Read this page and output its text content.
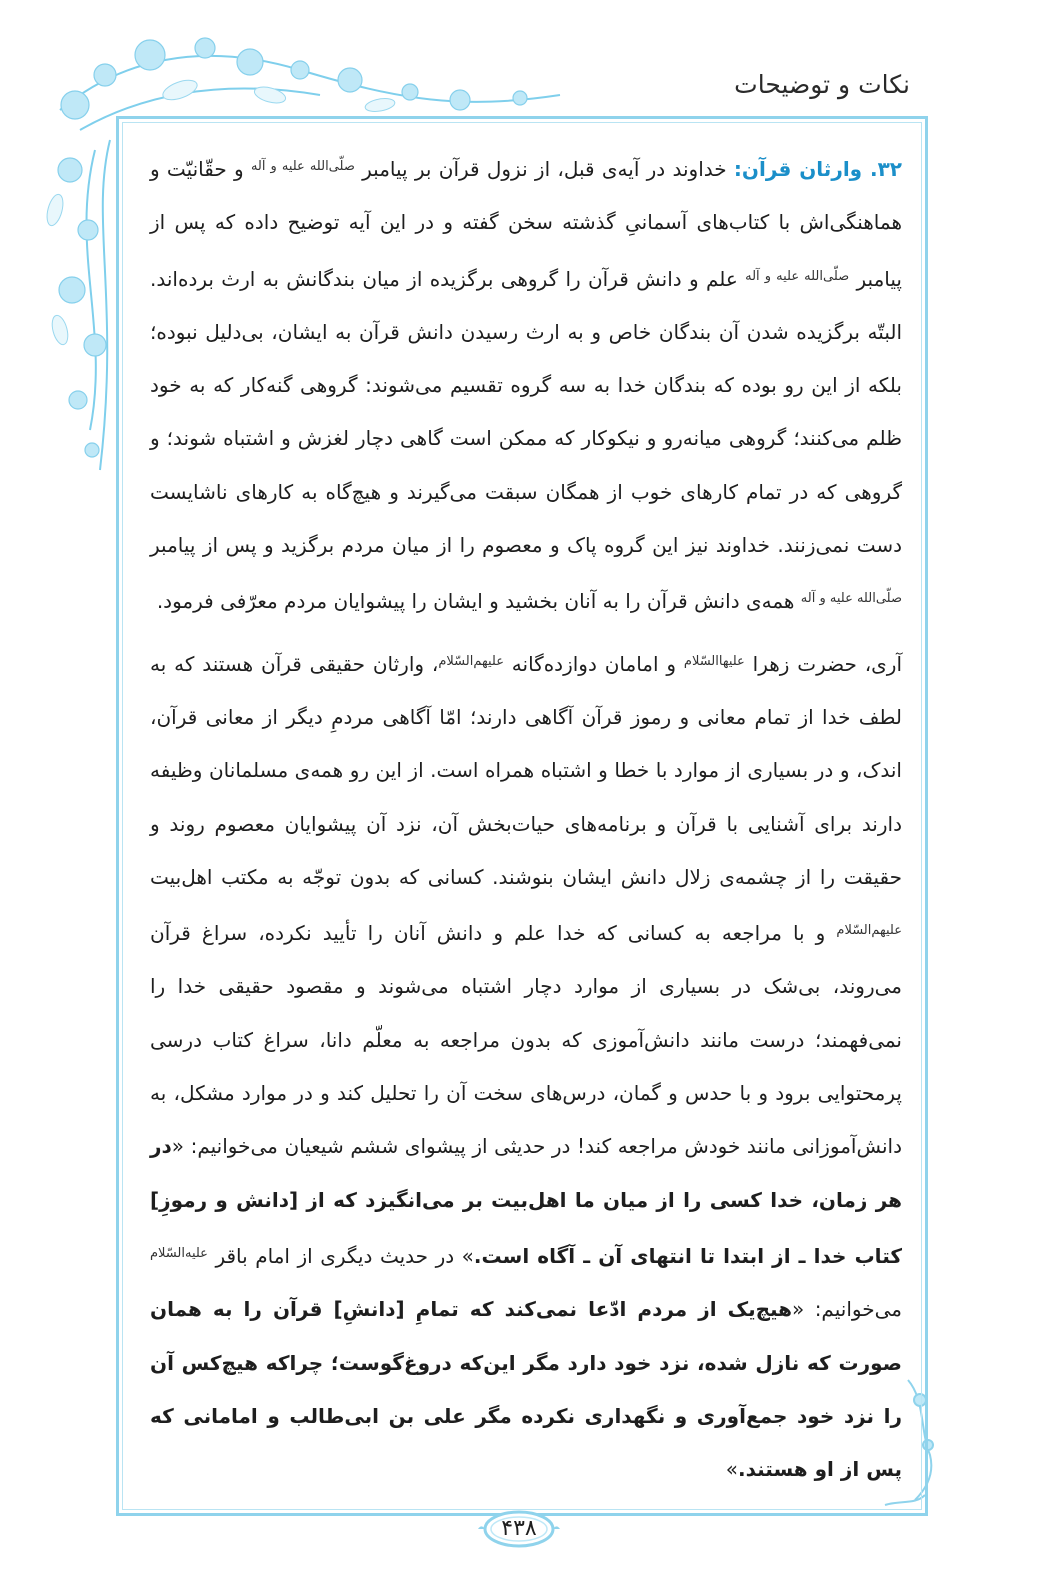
نکات و توضیحات

۳۲. وارثان قرآن: خداوند در آیه‌ی قبل، از نزول قرآن بر پیامبر $^{صلّی‌الله علیه و آله}$ و حقّانیّت و هماهنگی‌اش با کتاب‌های آسمانیِ گذشته سخن گفته و در این آیه توضیح داده که پس از پیامبر $^{صلّی‌الله علیه و آله}$ علم و دانش قرآن را گروهی برگزیده از میان بندگانش به ارث برده‌اند. البتّه برگزیده شدن آن بندگان خاص و به ارث رسیدن دانش قرآن به ایشان، بی‌دلیل نبوده؛ بلکه از این رو بوده که بندگان خدا به سه گروه تقسیم می‌شوند: گروهی گنه‌کار که به خود ظلم می‌کنند؛ گروهی میانه‌رو و نیکوکار که ممکن است گاهی دچار لغزش و اشتباه شوند؛ و گروهی که در تمام کارهای خوب از همگان سبقت می‌گیرند و هیچ‌گاه به کارهای ناشایست دست نمی‌زنند. خداوند نیز این گروه پاک و معصوم را از میان مردم برگزید و پس از پیامبر $^{صلّی‌الله علیه و آله}$ همه‌ی دانش قرآن را به آنان بخشید و ایشان را پیشوایان مردم معرّفی فرمود.

آری، حضرت زهرا $^{علیهاالسّلام}$ و امامان دوازده‌گانه $^{علیهم‌السّلام}$، وارثان حقیقی قرآن هستند که به لطف خدا از تمام معانی و رموز قرآن آگاهی دارند؛ امّا آگاهی مردمِ دیگر از معانی قرآن، اندک، و در بسیاری از موارد با خطا و اشتباه همراه است. از این رو همه‌ی مسلمانان وظیفه دارند برای آشنایی با قرآن و برنامه‌های حیات‌بخش آن، نزد آن پیشوایان معصوم روند و حقیقت را از چشمه‌ی زلال دانش ایشان بنوشند. کسانی که بدون توجّه به مکتب اهل‌بیت $^{علیهم‌السّلام}$ و با مراجعه به کسانی که خدا علم و دانش آنان را تأیید نکرده، سراغ قرآن می‌روند، بی‌شک در بسیاری از موارد دچار اشتباه می‌شوند و مقصود حقیقی خدا را نمی‌فهمند؛ درست مانند دانش‌آموزی که بدون مراجعه به معلّم دانا، سراغ کتاب درسی پرمحتوایی برود و با حدس و گمان، درس‌های سخت آن را تحلیل کند و در موارد مشکل، به دانش‌آموزانی مانند خودش مراجعه کند! در حدیثی از پیشوای ششم شیعیان می‌خوانیم: «در هر زمان، خدا کسی را از میان ما اهل‌بیت بر می‌انگیزد که از [دانش و رموزِ] کتاب خدا ـ از ابتدا تا انتهای آن ـ آگاه است.» در حدیث دیگری از امام باقر $^{علیه‌السّلام}$ می‌خوانیم: «هیچ‌یک از مردم ادّعا نمی‌کند که تمامِ [دانشِ] قرآن را به همان صورت که نازل شده، نزد خود دارد مگر این‌که دروغ‌گوست؛ چراکه هیچ‌کس آن را نزد خود جمع‌آوری و نگهداری نکرده مگر علی بن ابی‌طالب و امامانی که پس از او هستند.»

۴۳۸
